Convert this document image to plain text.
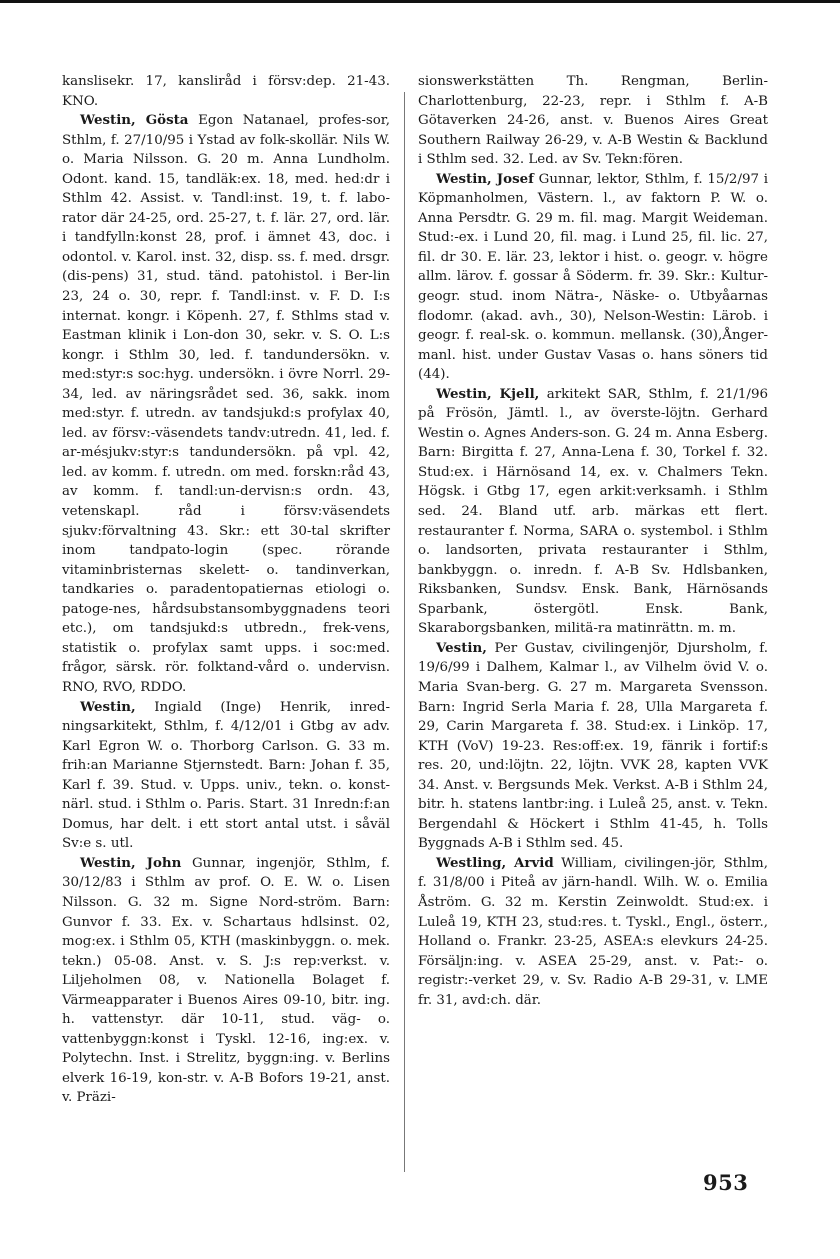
kanslisekr. 17, kansliråd i försv:dep. 21-43. KNO.

Westin, Gösta Egon Natanael, profes-sor, Sthlm, f. 27/10/95 i Ystad av folk-skollär. Nils W. o. Maria Nilsson. G. 20 m. Anna Lundholm. Odont. kand. 15, tandläk:ex. 18, med. hed:dr i Sthlm 42. Assist. v. Tandl:inst. 19, t. f. labo-rator där 24-25, ord. 25-27, t. f. lär. 27, ord. lär. i tandfylln:konst 28, prof. i ämnet 43, doc. i odontol. v. Karol. inst. 32, disp. ss. f. med. drsgr. (dis-pens) 31, stud. tänd. patohistol. i Ber-lin 23, 24 o. 30, repr. f. Tandl:inst. v. F. D. I:s internat. kongr. i Köpenh. 27, f. Sthlms stad v. Eastman klinik i Lon-don 30, sekr. v. S. O. L:s kongr. i Sthlm 30, led. f. tandundersökn. v. med:styr:s soc:hyg. undersökn. i övre Norrl. 29-34, led. av näringsrådet sed. 36, sakk. inom med:styr. f. utredn. av tandsjukd:s profylax 40, led. av försv:-väsendets tandv:utredn. 41, led. f. ar-mésjukv:styr:s tandundersökn. på vpl. 42, led. av komm. f. utredn. om med. forskn:råd 43, av komm. f. tandl:un-dervisn:s ordn. 43, vetenskapl. råd i försv:väsendets sjukv:förvaltning 43. Skr.: ett 30-tal skrifter inom tandpato-login (spec. rörande vitaminbristernas skelett- o. tandinverkan, tandkaries o. paradentopatiernas etiologi o. patoge-nes, hårdsubstansombyggnadens teori etc.), om tandsjukd:s utbredn., frek-vens, statistik o. profylax samt upps. i soc:med. frågor, särsk. rör. folktand-vård o. undervisn. RNO, RVO, RDDO.

Westin, Ingiald (Inge) Henrik, inred-ningsarkitekt, Sthlm, f. 4/12/01 i Gtbg av adv. Karl Egron W. o. Thorborg Carlson. G. 33 m. frih:an Marianne Stjernstedt. Barn: Johan f. 35, Karl f. 39. Stud. v. Upps. univ., tekn. o. konst-närl. stud. i Sthlm o. Paris. Start. 31 Inredn:f:an Domus, har delt. i ett stort antal utst. i såväl Sv:e s. utl.

Westin, John Gunnar, ingenjör, Sthlm, f. 30/12/83 i Sthlm av prof. O. E. W. o. Lisen Nilsson. G. 32 m. Signe Nord-ström. Barn: Gunvor f. 33. Ex. v. Schartaus hdlsinst. 02, mog:ex. i Sthlm 05, KTH (maskinbyggn. o. mek. tekn.) 05-08. Anst. v. S. J:s rep:verkst. v. Liljeholmen 08, v. Nationella Bolaget f. Värmeapparater i Buenos Aires 09-10, bitr. ing. h. vattenstyr. där 10-11, stud. väg- o. vattenbyggn:konst i Tyskl. 12-16, ing:ex. v. Polytechn. Inst. i Strelitz, byggn:ing. v. Berlins elverk 16-19, kon-str. v. A-B Bofors 19-21, anst. v. Präzi-

sionswerkstätten Th. Rengman, Berlin-Charlottenburg, 22-23, repr. i Sthlm f. A-B Götaverken 24-26, anst. v. Buenos Aires Great Southern Railway 26-29, v. A-B Westin & Backlund i Sthlm sed. 32. Led. av Sv. Tekn:fören.

Westin, Josef Gunnar, lektor, Sthlm, f. 15/2/97 i Köpmanholmen, Västern. l., av faktorn P. W. o. Anna Persdtr. G. 29 m. fil. mag. Margit Weideman. Stud:-ex. i Lund 20, fil. mag. i Lund 25, fil. lic. 27, fil. dr 30. E. lär. 23, lektor i hist. o. geogr. v. högre allm. lärov. f. gossar å Söderm. fr. 39. Skr.: Kultur-geogr. stud. inom Nätra-, Näske- o. Utbyåarnas flodomr. (akad. avh., 30), Nelson-Westin: Lärob. i geogr. f. real-sk. o. kommun. mellansk. (30),Ånger-manl. hist. under Gustav Vasas o. hans söners tid (44).

Westin, Kjell, arkitekt SAR, Sthlm, f. 21/1/96 på Frösön, Jämtl. l., av överste-löjtn. Gerhard Westin o. Agnes Anders-son. G. 24 m. Anna Esberg. Barn: Birgitta f. 27, Anna-Lena f. 30, Torkel f. 32. Stud:ex. i Härnösand 14, ex. v. Chalmers Tekn. Högsk. i Gtbg 17, egen arkit:verksamh. i Sthlm sed. 24. Bland utf. arb. märkas ett flert. restauranter f. Norma, SARA o. systembol. i Sthlm o. landsorten, privata restauranter i Sthlm, bankbyggn. o. inredn. f. A-B Sv. Hdlsbanken, Riksbanken, Sundsv. Ensk. Bank, Härnösands Sparbank, östergötl. Ensk. Bank, Skaraborgsbanken, militä-ra matinrättn. m. m.

Vestin, Per Gustav, civilingenjör, Djursholm, f. 19/6/99 i Dalhem, Kalmar l., av Vilhelm övid V. o. Maria Svan-berg. G. 27 m. Margareta Svensson. Barn: Ingrid Serla Maria f. 28, Ulla Margareta f. 29, Carin Margareta f. 38. Stud:ex. i Linköp. 17, KTH (VoV) 19-23. Res:off:ex. 19, fänrik i fortif:s res. 20, und:löjtn. 22, löjtn. VVK 28, kapten VVK 34. Anst. v. Bergsunds Mek. Verkst. A-B i Sthlm 24, bitr. h. statens lantbr:ing. i Luleå 25, anst. v. Tekn. Bergendahl & Höckert i Sthlm 41-45, h. Tolls Byggnads A-B i Sthlm sed. 45.

Westling, Arvid William, civilingen-jör, Sthlm, f. 31/8/00 i Piteå av järn-handl. Wilh. W. o. Emilia Åström. G. 32 m. Kerstin Zeinwoldt. Stud:ex. i Luleå 19, KTH 23, stud:res. t. Tyskl., Engl., österr., Holland o. Frankr. 23-25, ASEA:s elevkurs 24-25. Försäljn:ing. v. ASEA 25-29, anst. v. Pat:- o. registr:-verket 29, v. Sv. Radio A-B 29-31, v. LME fr. 31, avd:ch. där.

953
